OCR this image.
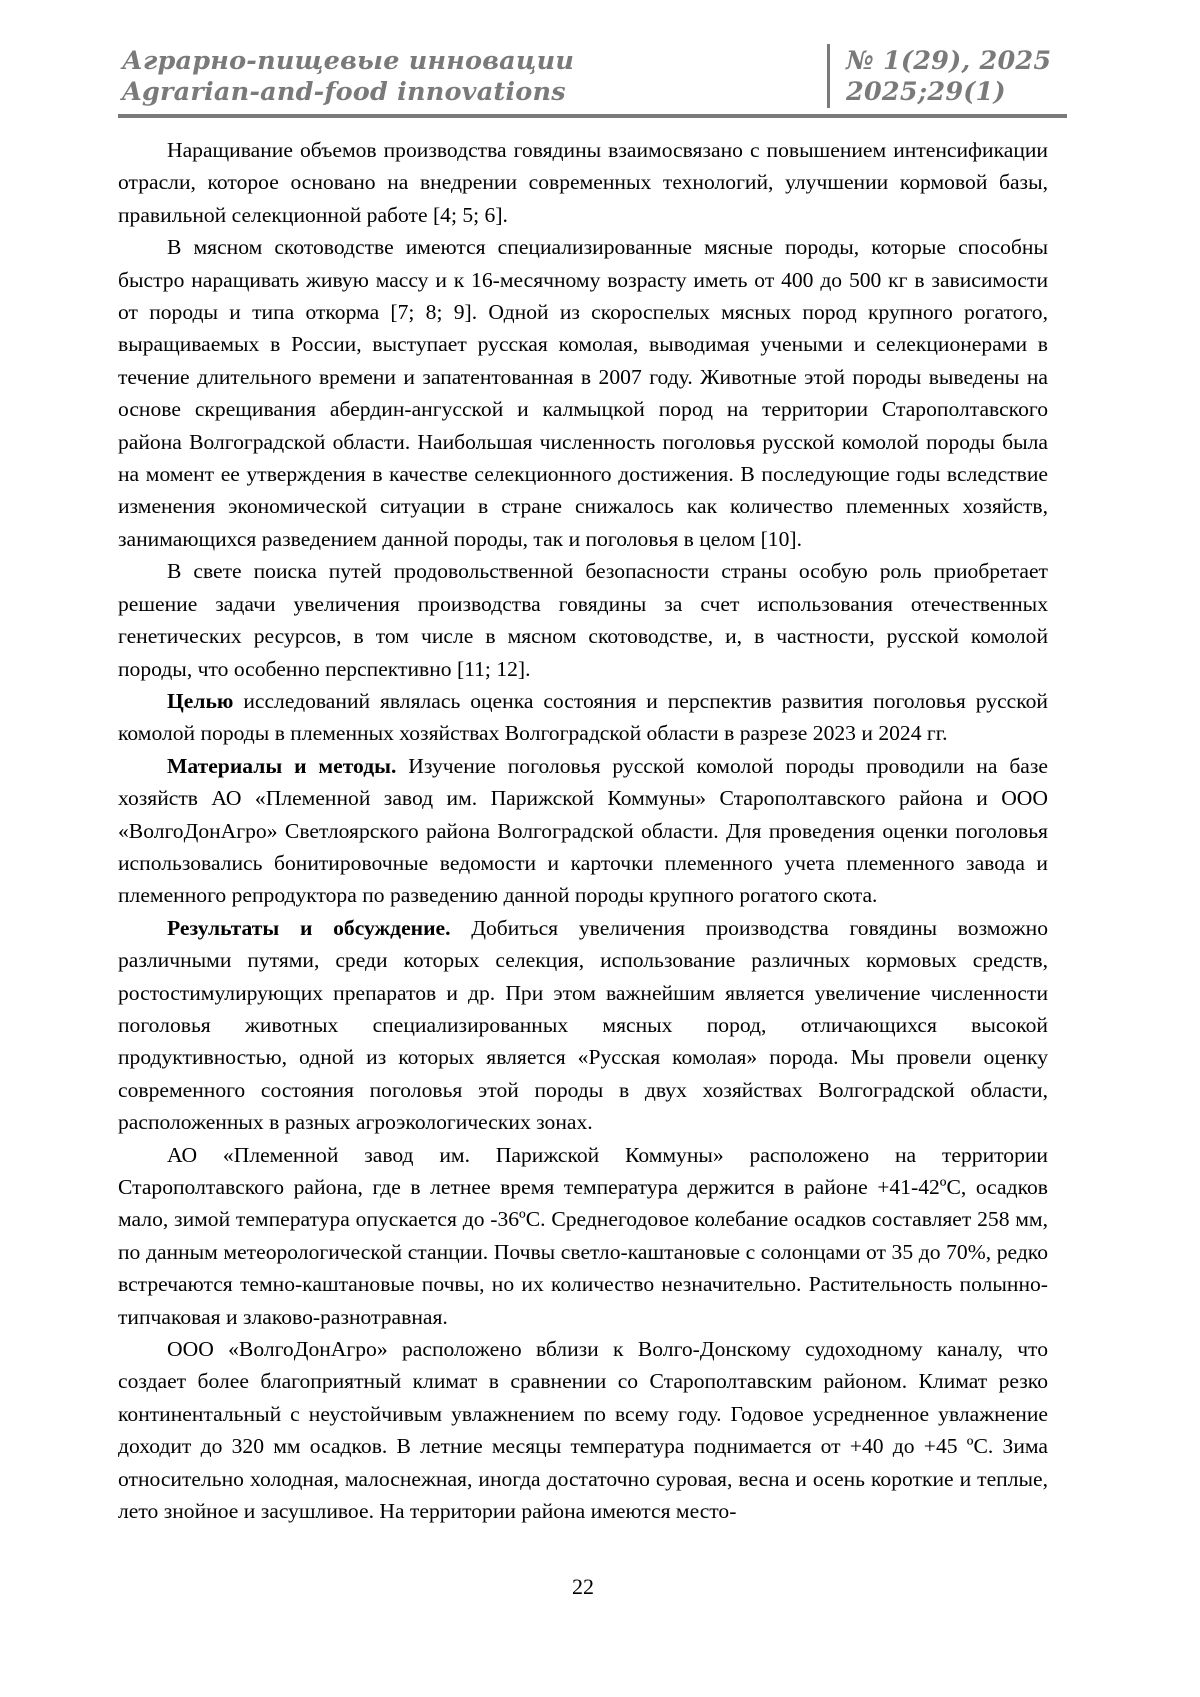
Аграрно-пищевые инновации
Agrarian-and-food innovations
№ 1(29), 2025
2025;29(1)

Наращивание объемов производства говядины взаимосвязано с повышением интенсификации отрасли, которое основано на внедрении современных технологий, улучшении кормовой базы, правильной селекционной работе [4; 5; 6].

В мясном скотоводстве имеются специализированные мясные породы, которые способны быстро наращивать живую массу и к 16-месячному возрасту иметь от 400 до 500 кг в зависимости от породы и типа откорма [7; 8; 9]. Одной из скороспелых мясных пород крупного рогатого, выращиваемых в России, выступает русская комолая, выводимая учеными и селекционерами в течение длительного времени и запатентованная в 2007 году. Животные этой породы выведены на основе скрещивания абердин-ангусской и калмыцкой пород на территории Старополтавского района Волгоградской области. Наибольшая численность поголовья русской комолой породы была на момент ее утверждения в качестве селекционного достижения. В последующие годы вследствие изменения экономической ситуации в стране снижалось как количество племенных хозяйств, занимающихся разведением данной породы, так и поголовья в целом [10].

В свете поиска путей продовольственной безопасности страны особую роль приобретает решение задачи увеличения производства говядины за счет использования отечественных генетических ресурсов, в том числе в мясном скотоводстве, и, в частности, русской комолой породы, что особенно перспективно [11; 12].

Целью исследований являлась оценка состояния и перспектив развития поголовья русской комолой породы в племенных хозяйствах Волгоградской области в разрезе 2023 и 2024 гг.

Материалы и методы. Изучение поголовья русской комолой породы проводили на базе хозяйств АО «Племенной завод им. Парижской Коммуны» Старополтавского района и ООО «ВолгоДонАгро» Светлоярского района Волгоградской области. Для проведения оценки поголовья использовались бонитировочные ведомости и карточки племенного учета племенного завода и племенного репродуктора по разведению данной породы крупного рогатого скота.

Результаты и обсуждение. Добиться увеличения производства говядины возможно различными путями, среди которых селекция, использование различных кормовых средств, ростостимулирующих препаратов и др. При этом важнейшим является увеличение численности поголовья животных специализированных мясных пород, отличающихся высокой продуктивностью, одной из которых является «Русская комолая» порода. Мы провели оценку современного состояния поголовья этой породы в двух хозяйствах Волгоградской области, расположенных в разных агроэкологических зонах.

АО «Племенной завод им. Парижской Коммуны» расположено на территории Старополтавского района, где в летнее время температура держится в районе +41-42ºС, осадков мало, зимой температура опускается до -36ºС. Среднегодовое колебание осадков составляет 258 мм, по данным метеорологической станции. Почвы светло-каштановые с солонцами от 35 до 70%, редко встречаются темно-каштановые почвы, но их количество незначительно. Растительность полынно-типчаковая и злаково-разнотравная.

ООО «ВолгоДонАгро» расположено вблизи к Волго-Донскому судоходному каналу, что создает более благоприятный климат в сравнении со Старополтавским районом. Климат резко континентальный с неустойчивым увлажнением по всему году. Годовое усредненное увлажнение доходит до 320 мм осадков. В летние месяцы температура поднимается от +40 до +45 ºС. Зима относительно холодная, малоснежная, иногда достаточно суровая, весна и осень короткие и теплые, лето знойное и засушливое. На территории района имеются место-

22
